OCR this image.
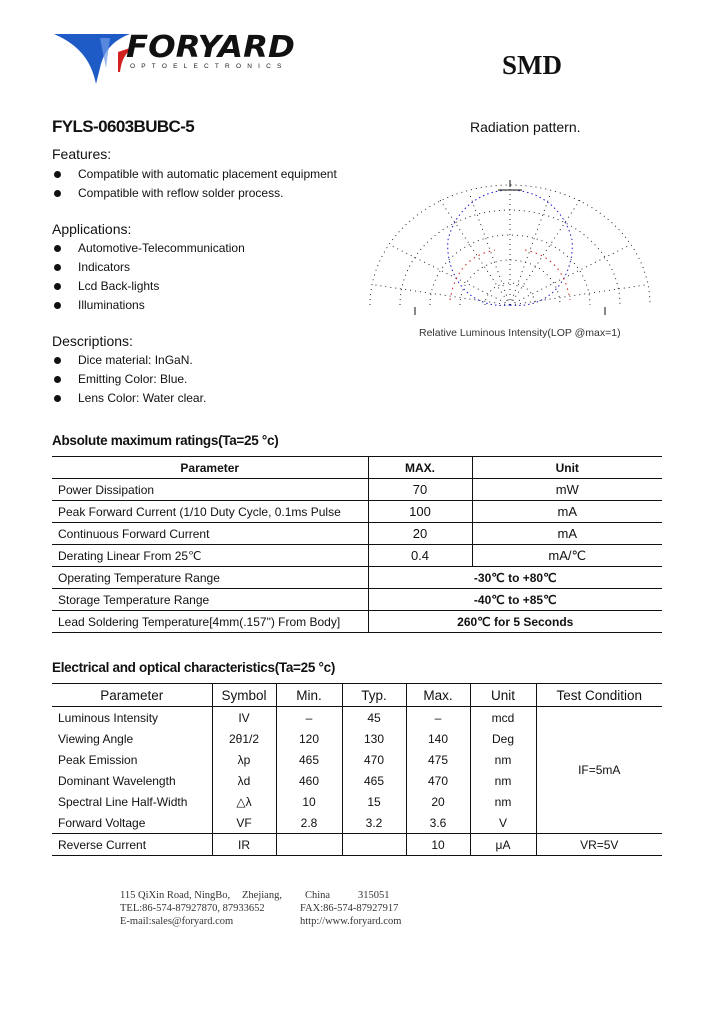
FORYARD
OPTOELECTRONICS	SMD
FYLS-0603BUBC-5	Radiation pattern.
Features:
Compatible with automatic placement equipment
Compatible with reflow solder process.
Applications:
Automotive-Telecommunication
Indicators
Lcd Back-lights
Illuminations
Descriptions:
Dice material: InGaN.
Emitting Color: Blue.
Lens Color: Water clear.
Relative Luminous Intensity(LOP @max=1)
Absolute maximum ratings(Ta=25 °c)
Parameter	MAX.	Unit
Power Dissipation	70	mW
Peak Forward Current (1/10 Duty Cycle, 0.1ms Pulse	100	mA
Continuous Forward Current	20	mA
Derating Linear From 25℃	0.4	mA/℃
Operating Temperature Range	-30℃ to +80℃	
Storage Temperature Range	-40℃ to +85℃	
Lead Soldering Temperature[4mm(.157") From Body]	260℃ for 5 Seconds	
Electrical and optical characteristics(Ta=25 °c)
Parameter	Symbol	Min.	Typ.	Max.	Unit	Test Condition
Luminous Intensity	IV	–	45	–	mcd	IF=5mA
Viewing Angle	2θ1/2	120	130	140	Deg	
Peak Emission	λp	465	470	475	nm	
Dominant Wavelength	λd	460	465	470	nm	
Spectral Line Half-Width	△λ	10	15	20	nm	
Forward Voltage	VF	2.8	3.2	3.6	V	
Reverse Current	IR			10	μA	VR=5V
115 QiXin Road, NingBo, Zhejiang, China	315051
TEL:86-574-87927870, 87933652	FAX:86-574-87927917
E-mail:sales@foryard.com	http://www.foryard.com
